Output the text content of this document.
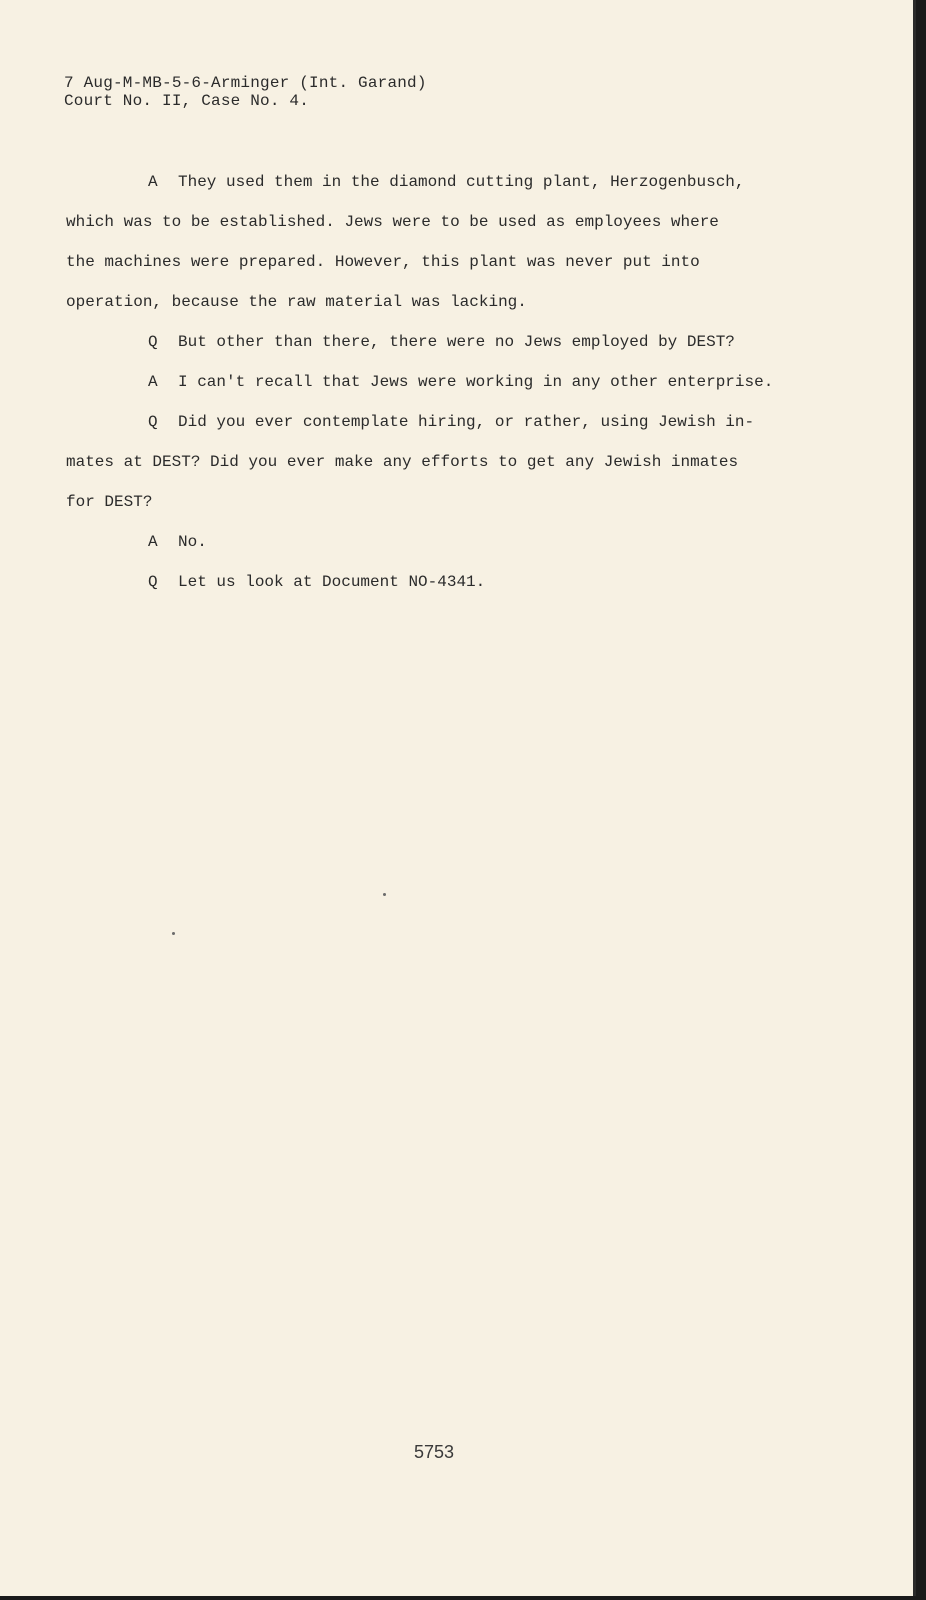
7 Aug-M-MB-5-6-Arminger (Int. Garand)
Court No. II, Case No. 4.
A They used them in the diamond cutting plant, Herzogenbusch,
which was to be established. Jews were to be used as employees where
the machines were prepared. However, this plant was never put into
operation, because the raw material was lacking.
Q But other than there, there were no Jews employed by DEST?
A I can't recall that Jews were working in any other enterprise.
Q Did you ever contemplate hiring, or rather, using Jewish in-
mates at DEST? Did you ever make any efforts to get any Jewish inmates
for DEST?
A No.
Q Let us look at Document NO-4341.
5753
